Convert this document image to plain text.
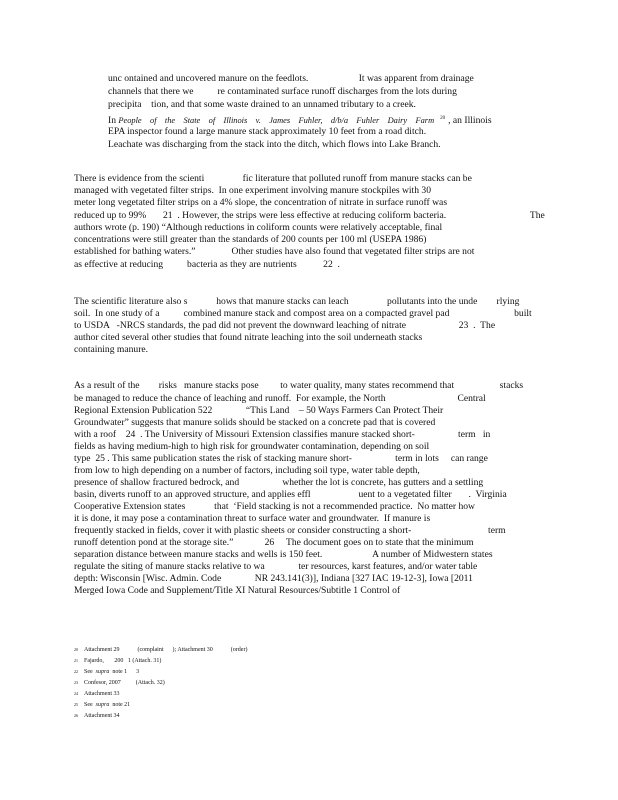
unc ontained and uncovered manure on the feedlots.                     It was apparent from drainage
channels that there we          re contaminated surface runoff discharges from the lots during
precipita    tion, and that some waste drained to an unnamed tributary to a creek.
In People    of    the    State    of    Illinois    v.    James    Fuhler,    d/b/a    Fuhler    Dairy    Farm $^{20}$ , an Illinois
EPA inspector found a large manure stack approximately 10 feet from a road ditch.
Leachate was discharging from the stack into the ditch, which flows into Lake Branch.
There is evidence from the scienti                fic literature that polluted runoff from manure stacks can be
managed with vegetated filter strips.  In one experiment involving manure stockpiles with 30
meter long vegetated filter strips on a 4% slope, the concentration of nitrate in surface runoff was
reduced up to 99%       21  . However, the strips were less effective at reducing coliform bacteria.                                   The
authors wrote (p. 190) “Although reductions in coliform counts were relatively acceptable, final
concentrations were still greater than the standards of 200 counts per 100 ml (USEPA 1986)
established for bathing waters.”               Other studies have also found that vegetated filter strips are not
as effective at reducing          bacteria as they are nutrients           22  .
The scientific literature also s            hows that manure stacks can leach                pollutants into the unde        rlying
soil.  In one study of a          combined manure stack and compost area on a compacted gravel pad                           built
to USDA   -NRCS standards, the pad did not prevent the downward leaching of nitrate                      23  .  The
author cited several other studies that found nitrate leaching into the soil underneath stacks
containing manure.
As a result of the        risks   manure stacks pose         to water quality, many states recommend that                   stacks
be managed to reduce the chance of leaching and runoff.  For example, the North                              Central
Regional Extension Publication 522              “This Land    – 50 Ways Farmers Can Protect Their
Groundwater” suggests that manure solids should be stacked on a concrete pad that is covered
with a roof    24  . The University of Missouri Extension classifies manure stacked short-                  term   in
fields as having medium-high to high risk for groundwater contamination, depending on soil
type  25 . This same publication states the risk of stacking manure short-                  term in lots     can range
from low to high depending on a number of factors, including soil type, water table depth,
presence of shallow fractured bedrock, and                  whether the lot is concrete, has gutters and a settling
basin, diverts runoff to an approved structure, and applies effl                    uent to a vegetated filter       .  Virginia
Cooperative Extension states            that  ‘Field stacking is not a recommended practice.  No matter how
it is done, it may pose a contamination threat to surface water and groundwater.  If manure is
frequently stacked in fields, cover it with plastic sheets or consider constructing a short-                                term
runoff detention pond at the storage site.”             26     The document goes on to state that the minimum
separation distance between manure stacks and wells is 150 feet.                     A number of Midwestern states
regulate the siting of manure stacks relative to wa              ter resources, karst features, and/or water table
depth: Wisconsin [Wisc. Admin. Code              NR 243.141(3)], Indiana [327 IAC 19-12-3], Iowa [2011
Merged Iowa Code and Supplement/Title XI Natural Resources/Subtitle 1 Control of
$^{20}$ Attachment 29            (complaint      ); Attachment 30            (order)
$^{21}$ Fajardo,       200   1 (Attach. 31)
$^{22}$ See  supra  note 1      3
$^{23}$ Confesor, 2007          (Attach. 32)
$^{24}$ Attachment 33
$^{25}$ See  supra  note 21
$^{26}$ Attachment 34
